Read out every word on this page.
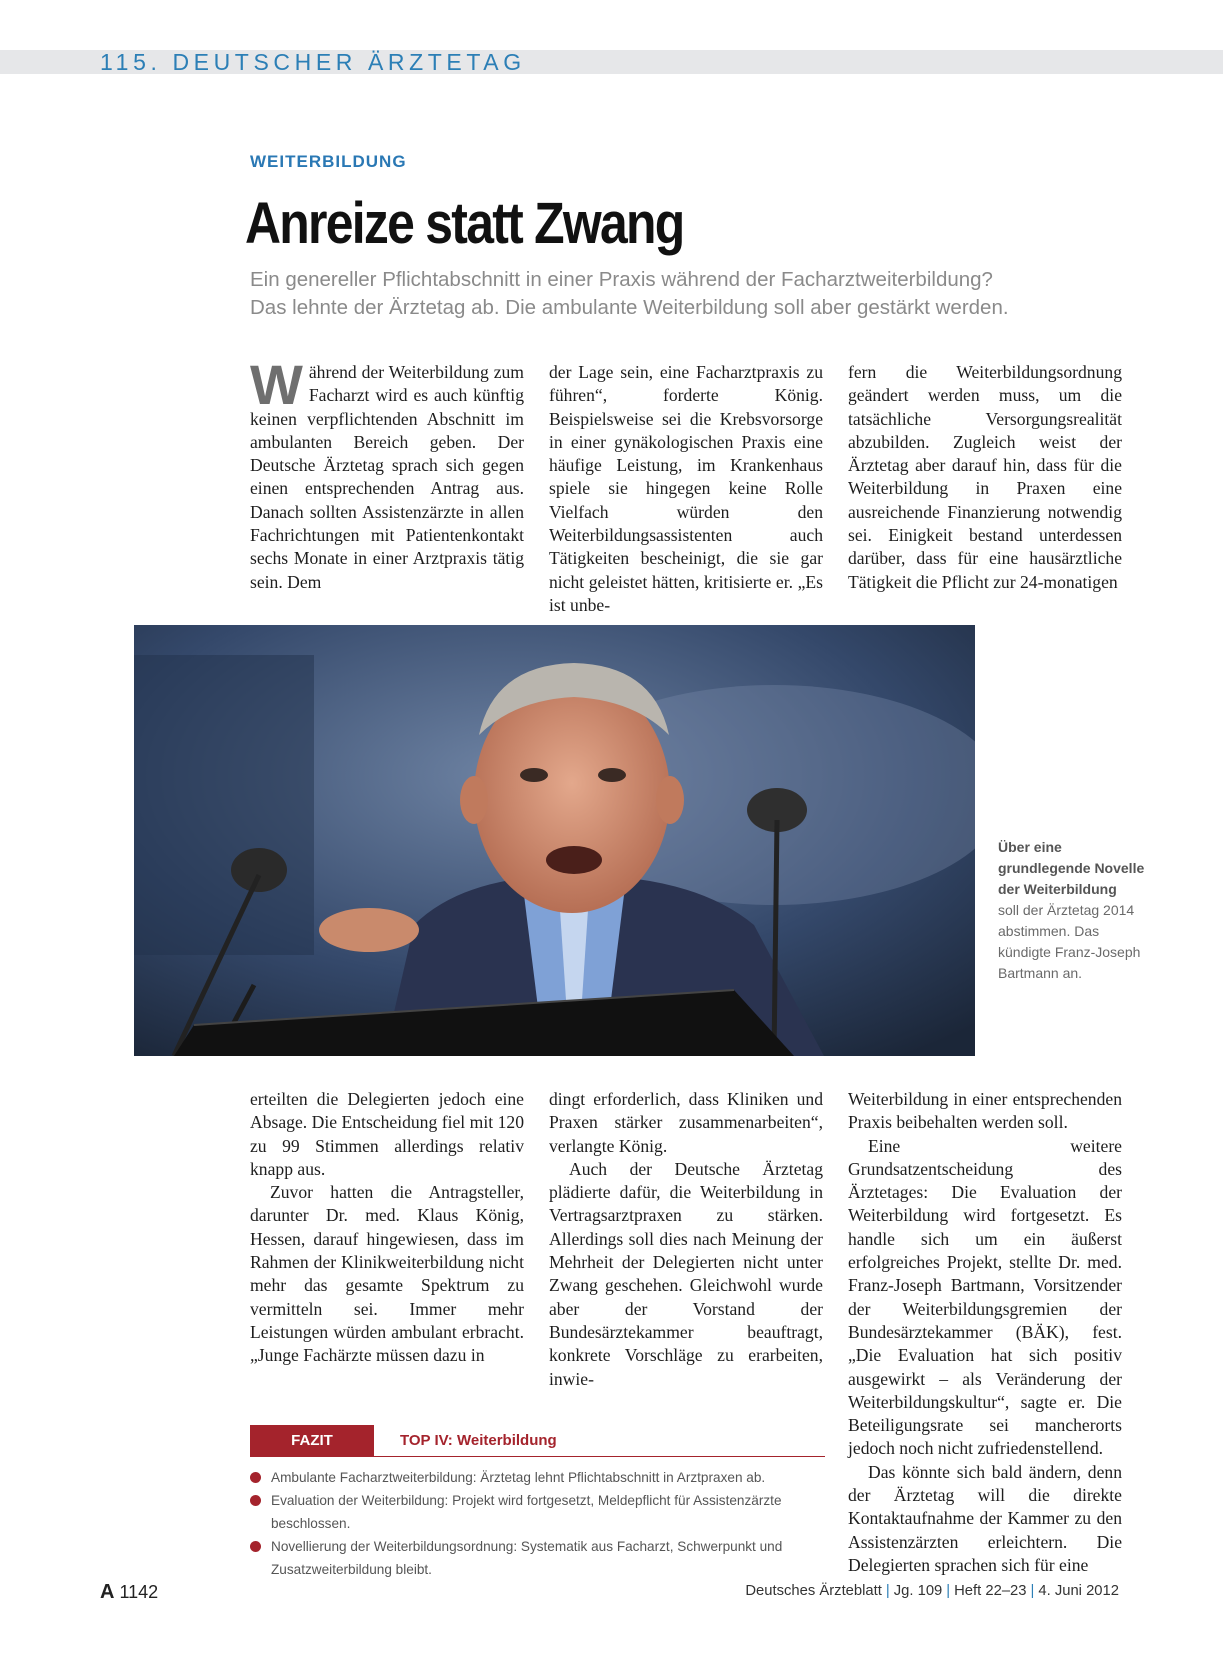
115. DEUTSCHER ÄRZTETAG
WEITERBILDUNG
Anreize statt Zwang

Ein genereller Pflichtabschnitt in einer Praxis während der Facharztweiterbildung?

Das lehnte der Ärztetag ab. Die ambulante Weiterbildung soll aber gestärkt werden.

Während der Weiterbildung zum Facharzt wird es auch künftig keinen verpflichtenden Abschnitt im ambulanten Bereich geben. Der Deutsche Ärztetag sprach sich gegen einen entsprechenden Antrag aus. Danach sollten Assistenzärzte in allen Fachrichtungen mit Patientenkontakt sechs Monate in einer Arztpraxis tätig sein. Dem

der Lage sein, eine Facharztpraxis zu führen“, forderte König. Beispielsweise sei die Krebsvorsorge in einer gynäkologischen Praxis eine häufige Leistung, im Krankenhaus spiele sie hingegen keine Rolle Vielfach würden den Weiterbildungsassistenten auch Tätigkeiten bescheinigt, die sie gar nicht geleistet hätten, kritisierte er. „Es ist unbe-

fern die Weiterbildungsordnung geändert werden muss, um die tatsächliche Versorgungsrealität abzubilden. Zugleich weist der Ärztetag aber darauf hin, dass für die Weiterbildung in Praxen eine ausreichende Finanzierung notwendig sei. Einigkeit bestand unterdessen darüber, dass für eine hausärztliche Tätigkeit die Pflicht zur 24-monatigen

Über eine grundlegende Novelle der Weiterbildung
soll der Ärztetag 2014 abstimmen. Das kündigte Franz-Joseph Bartmann an.

erteilten die Delegierten jedoch eine Absage. Die Entscheidung fiel mit 120 zu 99 Stimmen allerdings relativ knapp aus.

Zuvor hatten die Antragsteller, darunter Dr. med. Klaus König, Hessen, darauf hingewiesen, dass im Rahmen der Klinikweiterbildung nicht mehr das gesamte Spektrum zu vermitteln sei. Immer mehr Leistungen würden ambulant erbracht. „Junge Fachärzte müssen dazu in

dingt erforderlich, dass Kliniken und Praxen stärker zusammenarbeiten“, verlangte König.

Auch der Deutsche Ärztetag plädierte dafür, die Weiterbildung in Vertragsarztpraxen zu stärken. Allerdings soll dies nach Meinung der Mehrheit der Delegierten nicht unter Zwang geschehen. Gleichwohl wurde aber der Vorstand der Bundesärztekammer beauftragt, konkrete Vorschläge zu erarbeiten, inwie-

Weiterbildung in einer entsprechenden Praxis beibehalten werden soll.

Eine weitere Grundsatzentscheidung des Ärztetages: Die Evaluation der Weiterbildung wird fortgesetzt. Es handle sich um ein äußerst erfolgreiches Projekt, stellte Dr. med. Franz-Joseph Bartmann, Vorsitzender der Weiterbildungsgremien der Bundesärztekammer (BÄK), fest. „Die Evaluation hat sich positiv ausgewirkt – als Veränderung der Weiterbildungskultur“, sagte er. Die Beteiligungsrate sei mancherorts jedoch noch nicht zufriedenstellend.

Das könnte sich bald ändern, denn der Ärztetag will die direkte Kontaktaufnahme der Kammer zu den Assistenzärzten erleichtern. Die Delegierten sprachen sich für eine

FAZIT	TOP IV: Weiterbildung
Ambulante Facharztweiterbildung: Ärztetag lehnt Pflichtabschnitt in Arztpraxen ab.
Evaluation der Weiterbildung: Projekt wird fortgesetzt, Meldepflicht für Assistenzärzte beschlossen.
Novellierung der Weiterbildungsordnung: Systematik aus Facharzt, Schwerpunkt und Zusatzweiterbildung bleibt.
A 1142	Deutsches Ärzteblatt | Jg. 109 | Heft 22–23 | 4. Juni 2012
